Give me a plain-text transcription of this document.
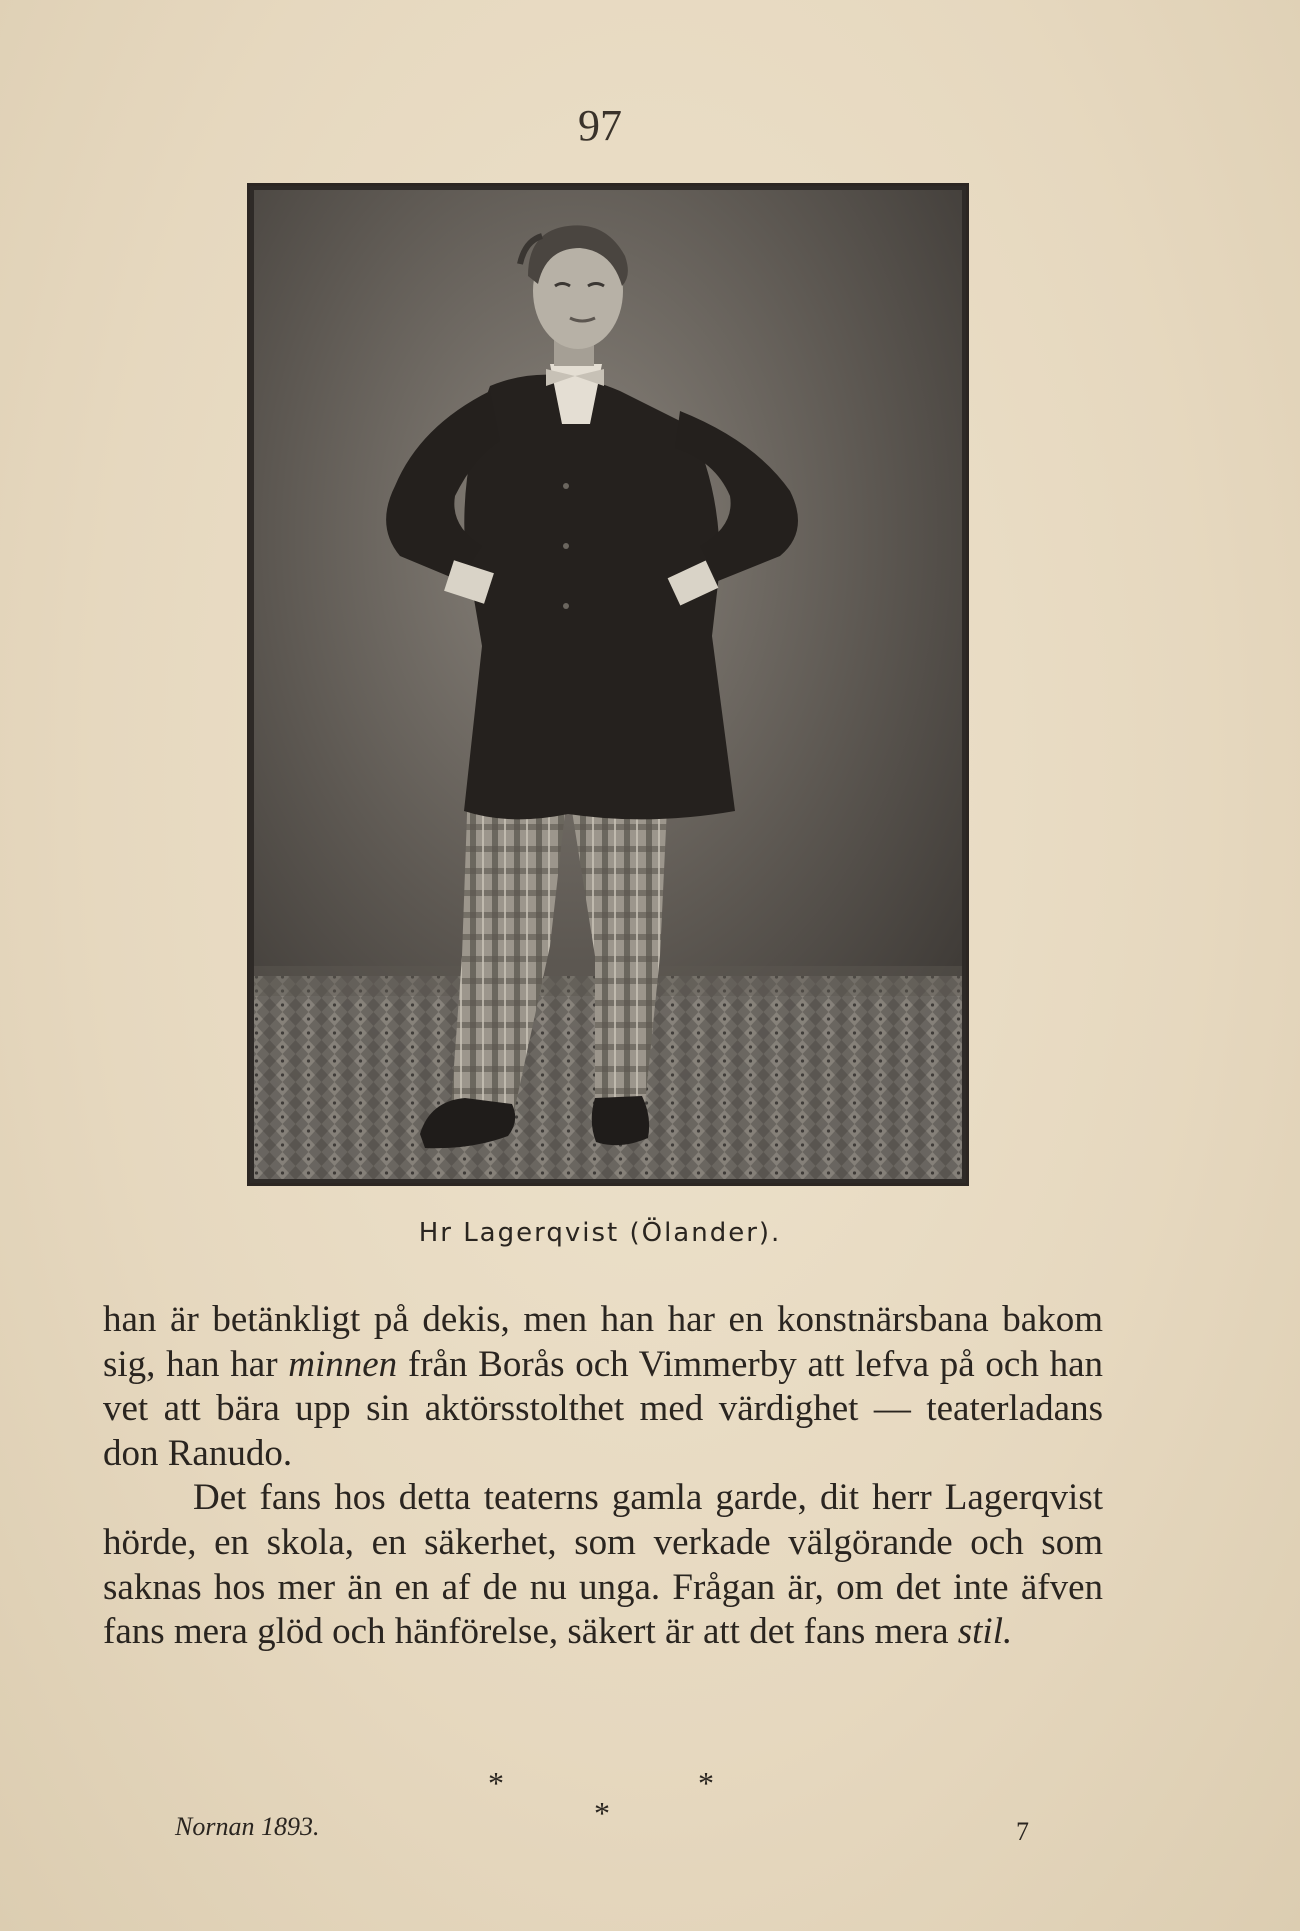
97
Hr Lagerqvist (Ölander).

han är betänkligt på dekis, men han har en konstnärsbana bakom sig, han har minnen från Borås och Vimmerby att lefva på och han vet att bära upp sin aktörsstolthet med värdighet — teaterladans don Ranudo.

Det fans hos detta teaterns gamla garde, dit herr Lagerqvist hörde, en skola, en säkerhet, som verkade välgörande och som saknas hos mer än en af de nu unga. Frågan är, om det inte äfven fans mera glöd och hänförelse, säkert är att det fans mera stil.

*	*
*
Nornan 1893.	7
